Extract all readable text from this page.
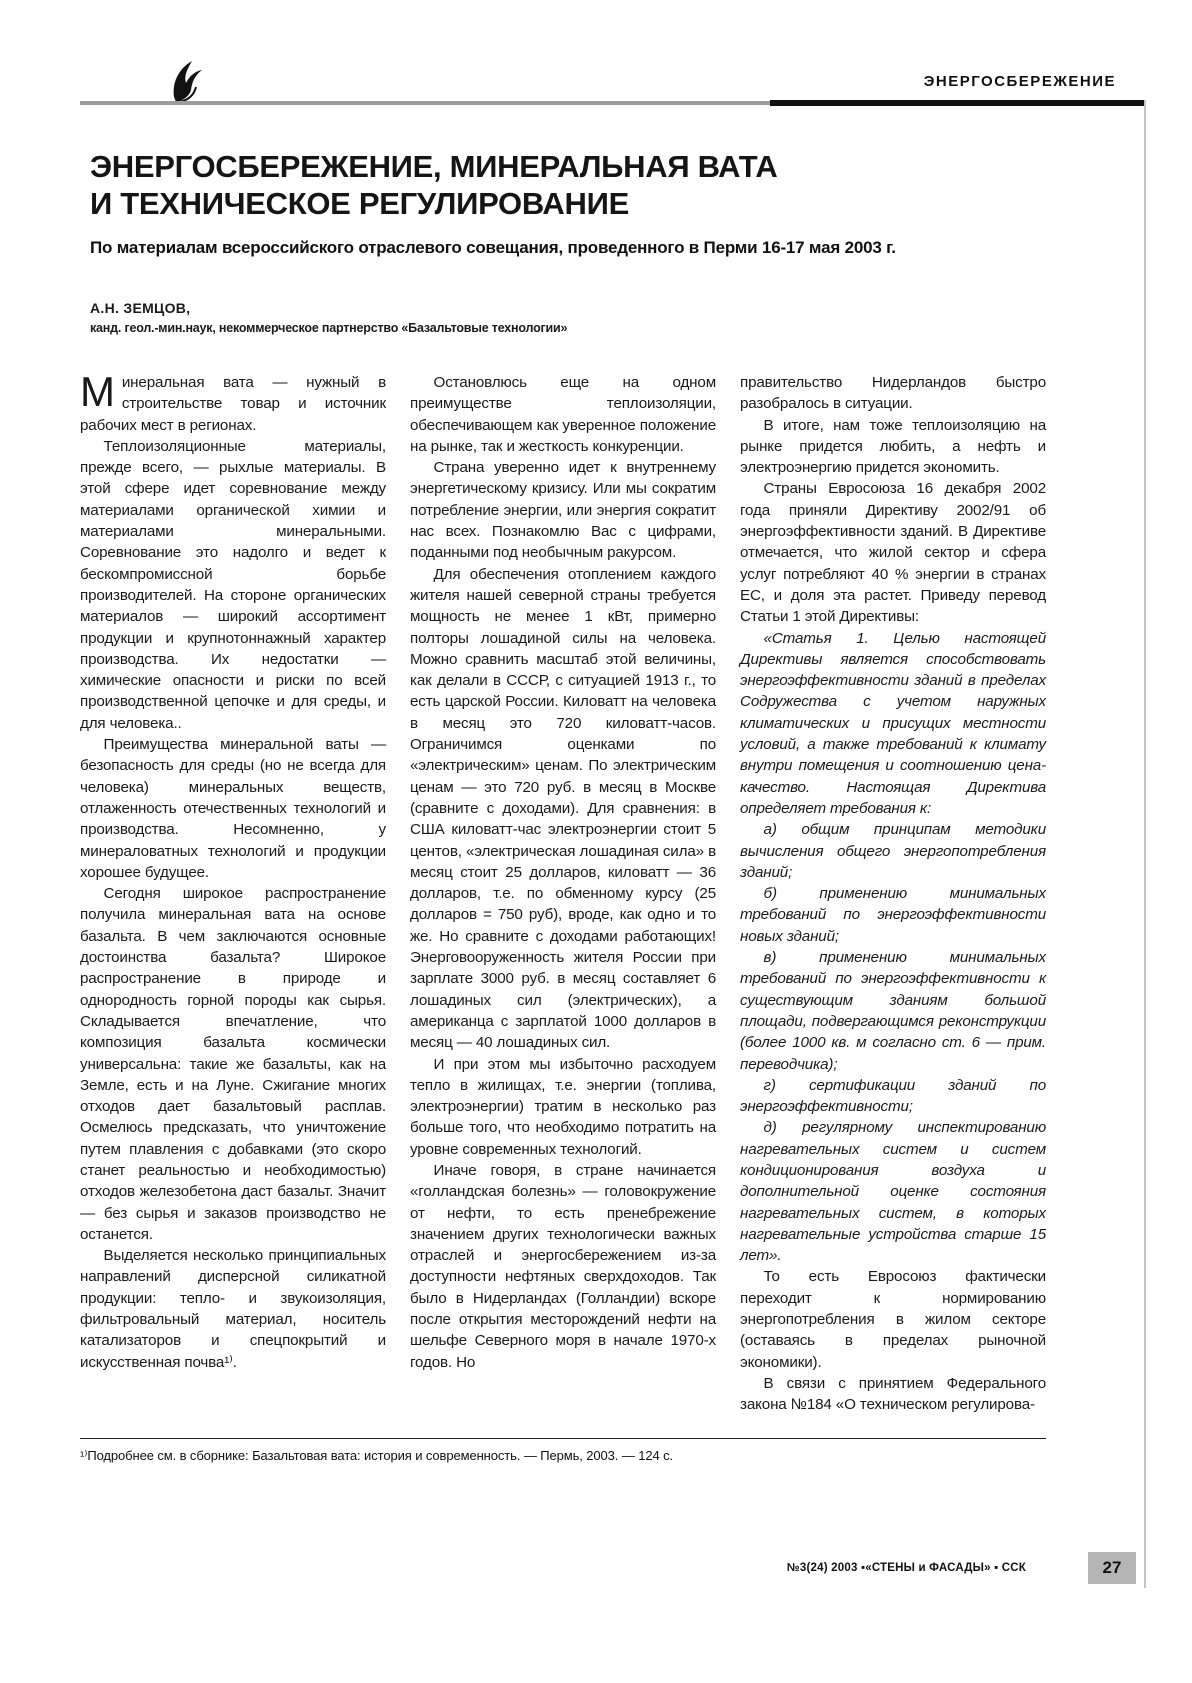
ЭНЕРГОСБЕРЕЖЕНИЕ
ЭНЕРГОСБЕРЕЖЕНИЕ, МИНЕРАЛЬНАЯ ВАТА
И ТЕХНИЧЕСКОЕ РЕГУЛИРОВАНИЕ
По материалам всероссийского отраслевого совещания, проведенного в Перми 16-17 мая 2003 г.
А.Н. ЗЕМЦОВ,
канд. геол.-мин.наук, некоммерческое партнерство «Базальтовые технологии»

Минеральная вата — нужный в строительстве товар и источник рабочих мест в регионах.

Теплоизоляционные материалы, прежде всего, — рыхлые материалы. В этой сфере идет соревнование между материалами органической химии и материалами минеральными. Соревнование это надолго и ведет к бескомпромиссной борьбе производителей. На стороне органических материалов — широкий ассортимент продукции и крупнотоннажный характер производства. Их недостатки — химические опасности и риски по всей производственной цепочке и для среды, и для человека..

Преимущества минеральной ваты — безопасность для среды (но не всегда для человека) минеральных веществ, отлаженность отечественных технологий и производства. Несомненно, у минераловатных технологий и продукции хорошее будущее.

Сегодня широкое распространение получила минеральная вата на основе базальта. В чем заключаются основные достоинства базальта? Широкое распространение в природе и однородность горной породы как сырья. Складывается впечатление, что композиция базальта космически универсальна: такие же базальты, как на Земле, есть и на Луне. Сжигание многих отходов дает базальтовый расплав. Осмелюсь предсказать, что уничтожение путем плавления с добавками (это скоро станет реальностью и необходимостью) отходов железобетона даст базальт. Значит — без сырья и заказов производство не останется.

Выделяется несколько принципиальных направлений дисперсной силикатной продукции: тепло- и звукоизоляция, фильтровальный материал, носитель катализаторов и спецпокрытий и искусственная почва¹⁾.

Остановлюсь еще на одном преимуществе теплоизоляции, обеспечивающем как уверенное положение на рынке, так и жесткость конкуренции.

Страна уверенно идет к внутреннему энергетическому кризису. Или мы сократим потребление энергии, или энергия сократит нас всех. Познакомлю Вас с цифрами, поданными под необычным ракурсом.

Для обеспечения отоплением каждого жителя нашей северной страны требуется мощность не менее 1 кВт, примерно полторы лошадиной силы на человека. Можно сравнить масштаб этой величины, как делали в СССР, с ситуацией 1913 г., то есть царской России. Киловатт на человека в месяц это 720 киловатт-часов. Ограничимся оценками по «электрическим» ценам. По электрическим ценам — это 720 руб. в месяц в Москве (сравните с доходами). Для сравнения: в США киловатт-час электроэнергии стоит 5 центов, «электрическая лошадиная сила» в месяц стоит 25 долларов, киловатт — 36 долларов, т.е. по обменному курсу (25 долларов = 750 руб), вроде, как одно и то же. Но сравните с доходами работающих! Энерговооруженность жителя России при зарплате 3000 руб. в месяц составляет 6 лошадиных сил (электрических), а американца с зарплатой 1000 долларов в месяц — 40 лошадиных сил.

И при этом мы избыточно расходуем тепло в жилищах, т.е. энергии (топлива, электроэнергии) тратим в несколько раз больше того, что необходимо потратить на уровне современных технологий.

Иначе говоря, в стране начинается «голландская болезнь» — головокружение от нефти, то есть пренебрежение значением других технологически важных отраслей и энергосбережением из-за доступности нефтяных сверхдоходов. Так было в Нидерландах (Голландии) вскоре после открытия месторождений нефти на шельфе Северного моря в начале 1970-х годов. Но

правительство Нидерландов быстро разобралось в ситуации.

В итоге, нам тоже теплоизоляцию на рынке придется любить, а нефть и электроэнергию придется экономить.

Страны Евросоюза 16 декабря 2002 года приняли Директиву 2002/91 об энергоэффективности зданий. В Директиве отмечается, что жилой сектор и сфера услуг потребляют 40 % энергии в странах ЕС, и доля эта растет. Приведу перевод Статьи 1 этой Директивы:

«Статья 1. Целью настоящей Директивы является способствовать энергоэффективности зданий в пределах Содружества с учетом наружных климатических и присущих местности условий, а также требований к климату внутри помещения и соотношению цена-качество. Настоящая Директива определяет требования к:

а) общим принципам методики вычисления общего энергопотребления зданий;

б) применению минимальных требований по энергоэффективности новых зданий;

в) применению минимальных требований по энергоэффективности к существующим зданиям большой площади, подвергающимся реконструкции (более 1000 кв. м согласно ст. 6 — прим. переводчика);

г) сертификации зданий по энергоэффективности;

д) регулярному инспектированию нагревательных систем и систем кондиционирования воздуха и дополнительной оценке состояния нагревательных систем, в которых нагревательные устройства старше 15 лет».

То есть Евросоюз фактически переходит к нормированию энергопотребления в жилом секторе (оставаясь в пределах рыночной экономики).

В связи с принятием Федерального закона №184 «О техническом регулирова-

¹⁾Подробнее см. в сборнике: Базальтовая вата: история и современность. — Пермь, 2003. — 124 с.
№3(24) 2003 ▪«СТЕНЫ и ФАСАДЫ» ▪ ССК	27
